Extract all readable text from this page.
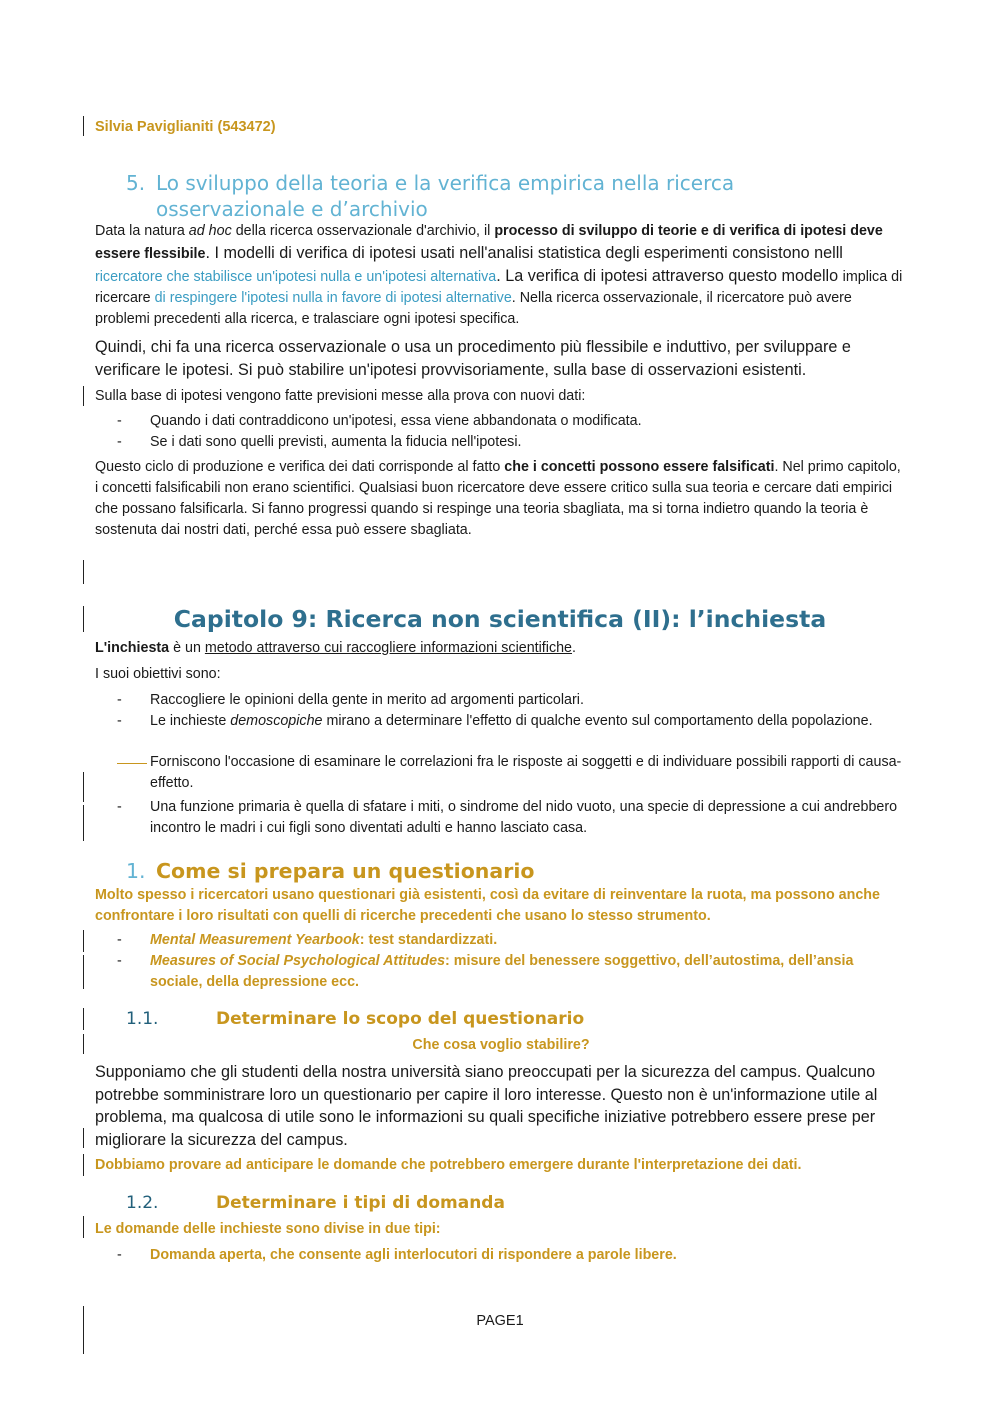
Silvia Paviglianiti (543472)

5. Lo sviluppo della teoria e la verifica empirica nella ricerca
osservazionale e d’archivio

Data la natura ad hoc della ricerca osservazionale d'archivio, il processo di sviluppo di teorie e di verifica di ipotesi deve essere flessibile. I modelli di verifica di ipotesi usati nell'analisi statistica degli esperimenti consistono nelll ricercatore che stabilisce un'ipotesi nulla e un'ipotesi alternativa. La verifica di ipotesi attraverso questo modello implica di ricercare di respingere l'ipotesi nulla in favore di ipotesi alternative. Nella ricerca osservazionale, il ricercatore può avere problemi precedenti alla ricerca, e tralasciare ogni ipotesi specifica.

Quindi, chi fa una ricerca osservazionale o usa un procedimento più flessibile e induttivo, per sviluppare e verificare le ipotesi. Si può stabilire un'ipotesi provvisoriamente, sulla base di osservazioni esistenti.

Sulla base di ipotesi vengono fatte previsioni messe alla prova con nuovi dati:

- Quando i dati contraddicono un'ipotesi, essa viene abbandonata o modificata.
- Se i dati sono quelli previsti, aumenta la fiducia nell'ipotesi.

Questo ciclo di produzione e verifica dei dati corrisponde al fatto che i concetti possono essere falsificati. Nel primo capitolo, i concetti falsificabili non erano scientifici. Qualsiasi buon ricercatore deve essere critico sulla sua teoria e cercare dati empirici che possano falsificarla. Si fanno progressi quando si respinge una teoria sbagliata, ma si torna indietro quando la teoria è sostenuta dai nostri dati, perché essa può essere sbagliata.

Capitolo 9: Ricerca non scientifica (II): l’inchiesta

L'inchiesta è un metodo attraverso cui raccogliere informazioni scientifiche.

I suoi obiettivi sono:

- Raccogliere le opinioni della gente in merito ad argomenti particolari.
- Le inchieste demoscopiche mirano a determinare l'effetto di qualche evento sul comportamento della popolazione.
Forniscono l'occasione di esaminare le correlazioni fra le risposte ai soggetti e di individuare possibili rapporti di causa-effetto.
- Una funzione primaria è quella di sfatare i miti, o sindrome del nido vuoto, una specie di depressione a cui andrebbero incontro le madri i cui figli sono diventati adulti e hanno lasciato casa.
1. Come si prepara un questionario

Molto spesso i ricercatori usano questionari già esistenti, così da evitare di reinventare la ruota, ma possono anche confrontare i loro risultati con quelli di ricerche precedenti che usano lo stesso strumento.

- Mental Measurement Yearbook: test standardizzati.
- Measures of Social Psychological Attitudes: misure del benessere soggettivo, dell’autostima, dell’ansia sociale, della depressione ecc.
1.1.	Determinare lo scopo del questionario

Che cosa voglio stabilire?

Supponiamo che gli studenti della nostra università siano preoccupati per la sicurezza del campus. Qualcuno potrebbe somministrare loro un questionario per capire il loro interesse. Questo non è un'informazione utile al problema, ma qualcosa di utile sono le informazioni su quali specifiche iniziative potrebbero essere prese per migliorare la sicurezza del campus.

Dobbiamo provare ad anticipare le domande che potrebbero emergere durante l'interpretazione dei dati.

1.2.	Determinare i tipi di domanda

Le domande delle inchieste sono divise in due tipi:

- Domanda aperta, che consente agli interlocutori di rispondere a parole libere.
PAGE1
